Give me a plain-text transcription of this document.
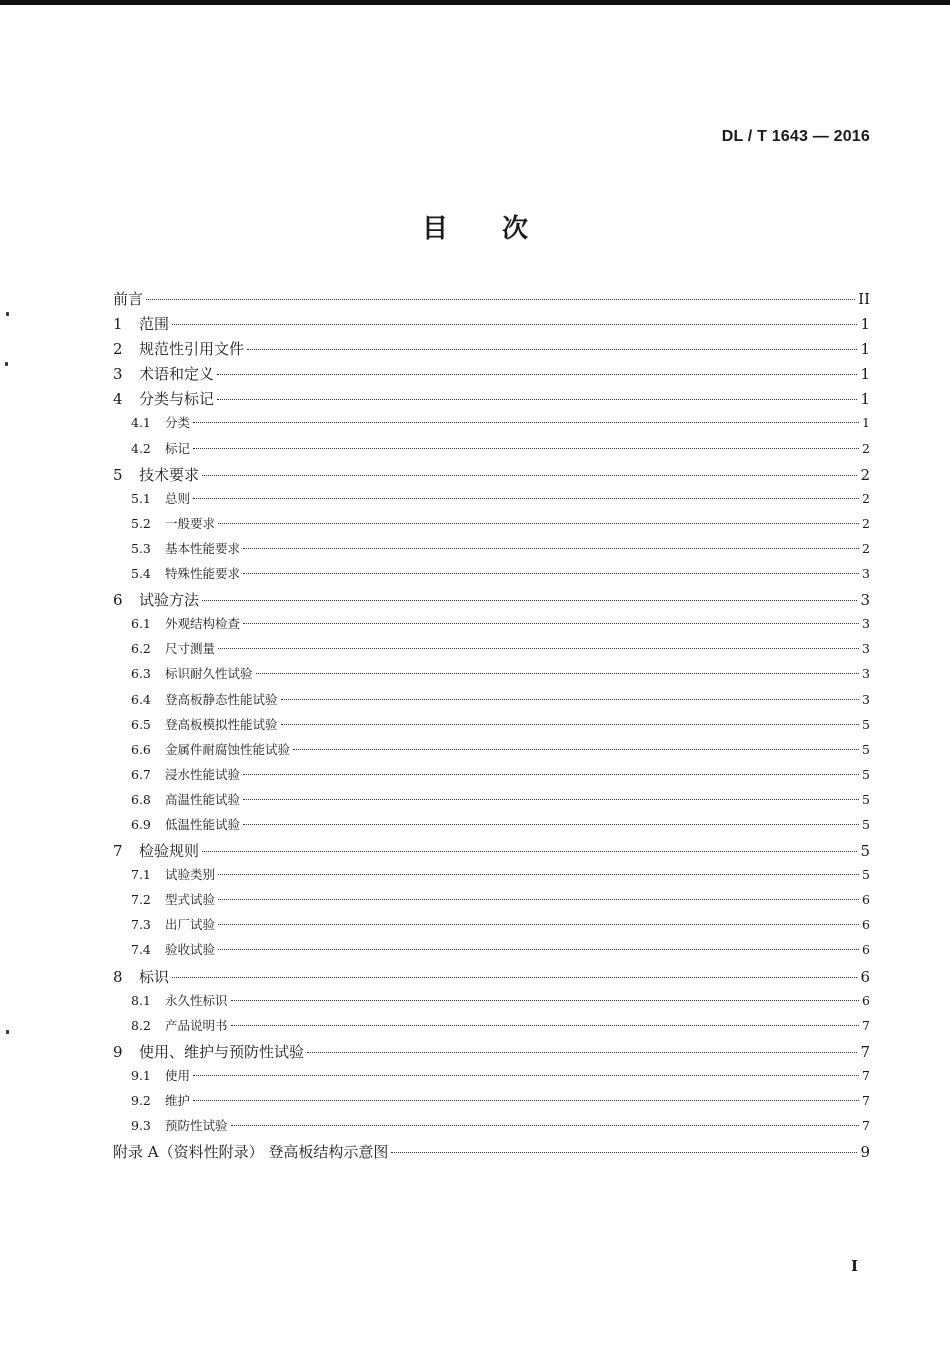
DL / T 1643 — 2016
目次
前言	II
1	范围	1
2	规范性引用文件	1
3	术语和定义	1
4	分类与标记	1
4.1	分类	1
4.2	标记	2
5	技术要求	2
5.1	总则	2
5.2	一般要求	2
5.3	基本性能要求	2
5.4	特殊性能要求	3
6	试验方法	3
6.1	外观结构检查	3
6.2	尺寸测量	3
6.3	标识耐久性试验	3
6.4	登高板静态性能试验	3
6.5	登高板模拟性能试验	5
6.6	金属件耐腐蚀性能试验	5
6.7	浸水性能试验	5
6.8	高温性能试验	5
6.9	低温性能试验	5
7	检验规则	5
7.1	试验类别	5
7.2	型式试验	6
7.3	出厂试验	6
7.4	验收试验	6
8	标识	6
8.1	永久性标识	6
8.2	产品说明书	7
9	使用、维护与预防性试验	7
9.1	使用	7
9.2	维护	7
9.3	预防性试验	7
附录 A（资料性附录） 登高板结构示意图	9
I
